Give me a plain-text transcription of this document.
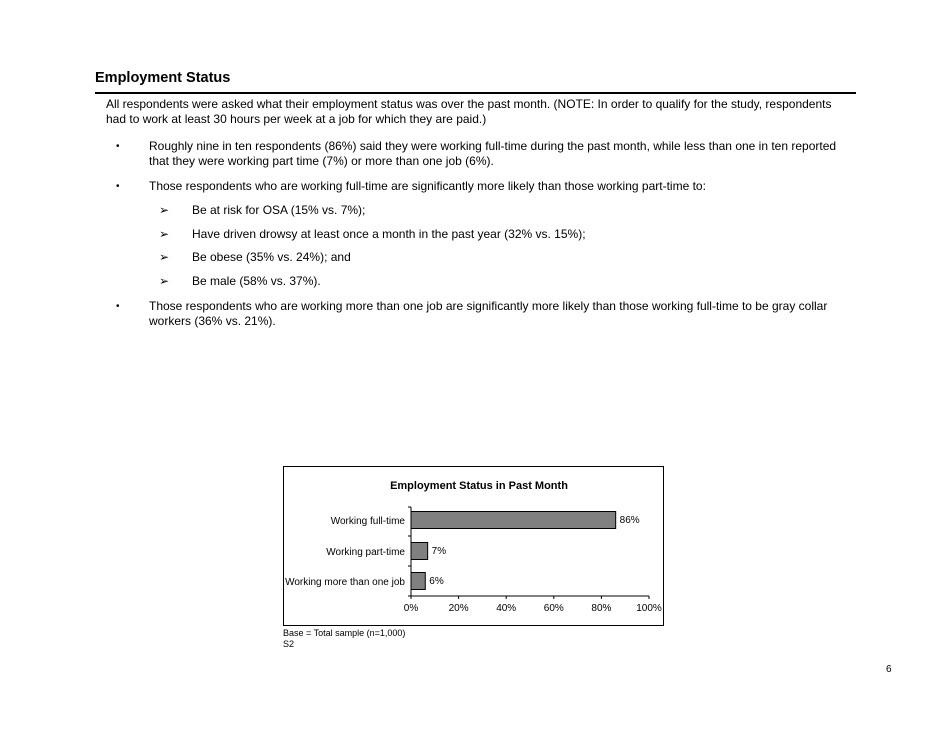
Employment Status

All respondents were asked what their employment status was over the past month. (NOTE: In order to qualify for the study, respondents had to work at least 30 hours per week at a job for which they are paid.)

• Roughly nine in ten respondents (86%) said they were working full-time during the past month, while less than one in ten reported that they were working part time (7%) or more than one job (6%).
• Those respondents who are working full-time are significantly more likely than those working part-time to:
➢ Be at risk for OSA (15% vs. 7%);
➢ Have driven drowsy at least once a month in the past year (32% vs. 15%);
➢ Be obese (35% vs. 24%); and
➢ Be male (58% vs. 37%).
• Those respondents who are working more than one job are significantly more likely than those working full-time to be gray collar workers (36% vs. 21%).
Employment Status in Past Month
Working full-time	86%
Working part-time	7%
Working more than one job 6%
0%	20%	40%	60%	80% 100%

Base = Total sample (n=1,000)

S2

6
